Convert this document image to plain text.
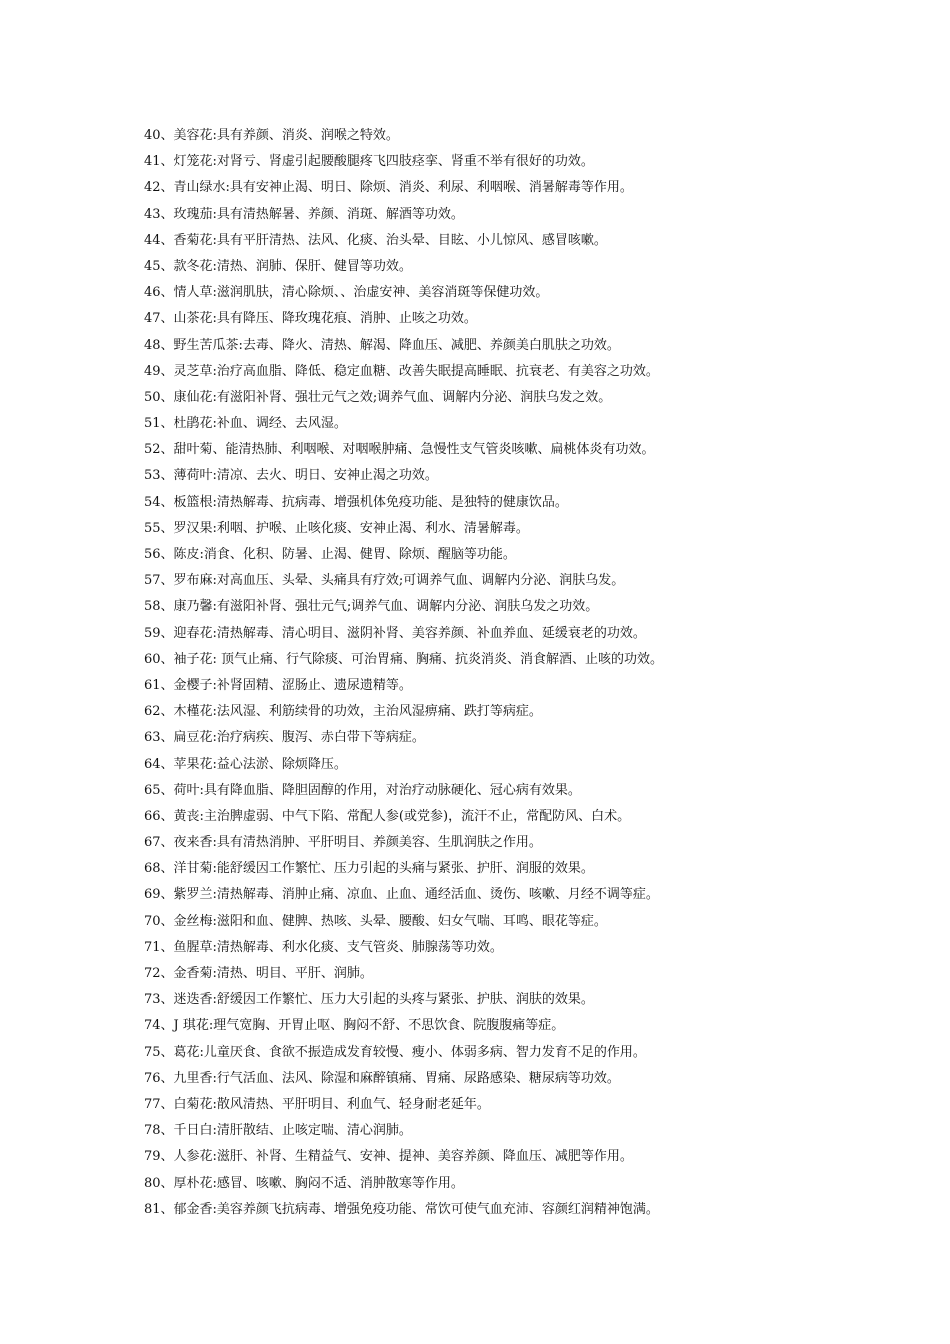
40、美容花:具有养颜、消炎、润喉之特效。
41、灯笼花:对肾亏、肾虚引起腰酸腿疼飞四肢痉挛、肾重不举有很好的功效。
42、青山绿水:具有安神止渴、明日、除烦、消炎、利尿、利咽喉、消暑解毒等作用。
43、玫瑰茄:具有清热解暑、养颜、消斑、解酒等功效。
44、香菊花:具有平肝清热、法风、化痰、治头晕、目眩、小儿惊风、感冒咳嗽。
45、款冬花:清热、润肺、保肝、健冒等功效。
46、情人草:滋润肌肤，清心除烦、、治虚安神、美容消斑等保健功效。
47、山茶花:具有降压、降玫瑰花痕、消肿、止咳之功效。
48、野生苦瓜茶:去毒、降火、清热、解渴、降血压、减肥、养颜美白肌肤之功效。
49、灵芝草:治疗高血脂、降低、稳定血糖、改善失眠提高睡眠、抗衰老、有美容之功效。
50、康仙花:有滋阳补肾、强壮元气之效;调养气血、调解内分泌、润肤乌发之效。
51、杜鹃花:补血、调经、去风湿。
52、甜叶菊、能清热肺、利咽喉、对咽喉肿痛、急慢性支气管炎咳嗽、扁桃体炎有功效。
53、薄荷叶:清凉、去火、明日、安神止渴之功效。
54、板篮根:清热解毒、抗病毒、增强机体免疫功能、是独特的健康饮品。
55、罗汉果:利咽、护喉、止咳化痰、安神止渴、利水、清暑解毒。
56、陈皮:消食、化积、防暑、止渴、健胃、除烦、醒脑等功能。
57、罗布麻:对高血压、头晕、头痛具有疗效;可调养气血、调解内分泌、润肤乌发。
58、康乃馨:有滋阳补肾、强壮元气;调养气血、调解内分泌、润肤乌发之功效。
59、迎春花:清热解毒、清心明目、滋阴补肾、美容养颜、补血养血、延缓衰老的功效。
60、袖子花: 顶气止痛、行气除痰、可治胃痛、胸痛、抗炎消炎、消食解酒、止咳的功效。
61、金樱子:补肾固精、涩肠止、遗尿遗精等。
62、木槿花:法风湿、利筋续骨的功效，主治风湿痹痛、跌打等病症。
63、扁豆花:治疗病疾、腹泻、赤白带下等病症。
64、苹果花:益心法淤、除烦降压。
65、荷叶:具有降血脂、降胆固醇的作用，对治疗动脉硬化、冠心病有效果。
66、黄丧:主治脾虚弱、中气下陷、常配人参(或党参)，流汗不止，常配防风、白术。
67、夜来香:具有清热消肿、平肝明目、养颜美容、生肌润肤之作用。
68、洋甘菊:能舒缓因工作繁忙、压力引起的头痛与紧张、护肝、润服的效果。
69、紫罗兰:清热解毒、消肿止痛、凉血、止血、通经活血、烫伤、咳嗽、月经不调等症。
70、金丝梅:滋阳和血、健脾、热咳、头晕、腰酸、妇女气喘、耳鸣、眼花等症。
71、鱼腥草:清热解毒、利水化痰、支气管炎、肺腺荡等功效。
72、金香菊:清热、明目、平肝、润肺。
73、迷迭香:舒缓因工作繁忙、压力大引起的头疼与紧张、护肤、润肤的效果。
74、J 琪花:理气宽胸、开胃止呕、胸闷不舒、不思饮食、院腹腹痛等症。
75、葛花:儿童厌食、食欲不振造成发育较慢、瘦小、体弱多病、智力发育不足的作用。
76、九里香:行气活血、法风、除湿和麻醉镇痛、胃痛、尿路感染、糖尿病等功效。
77、白菊花:散风清热、平肝明目、利血气、轻身耐老延年。
78、千日白:清肝散结、止咳定喘、清心润肺。
79、人参花:滋肝、补肾、生精益气、安神、提神、美容养颜、降血压、减肥等作用。
80、厚朴花:感冒、咳嗽、胸闷不适、消肿散寒等作用。
81、郁金香:美容养颜飞抗病毒、增强免疫功能、常饮可使气血充沛、容颜红润精神饱满。
